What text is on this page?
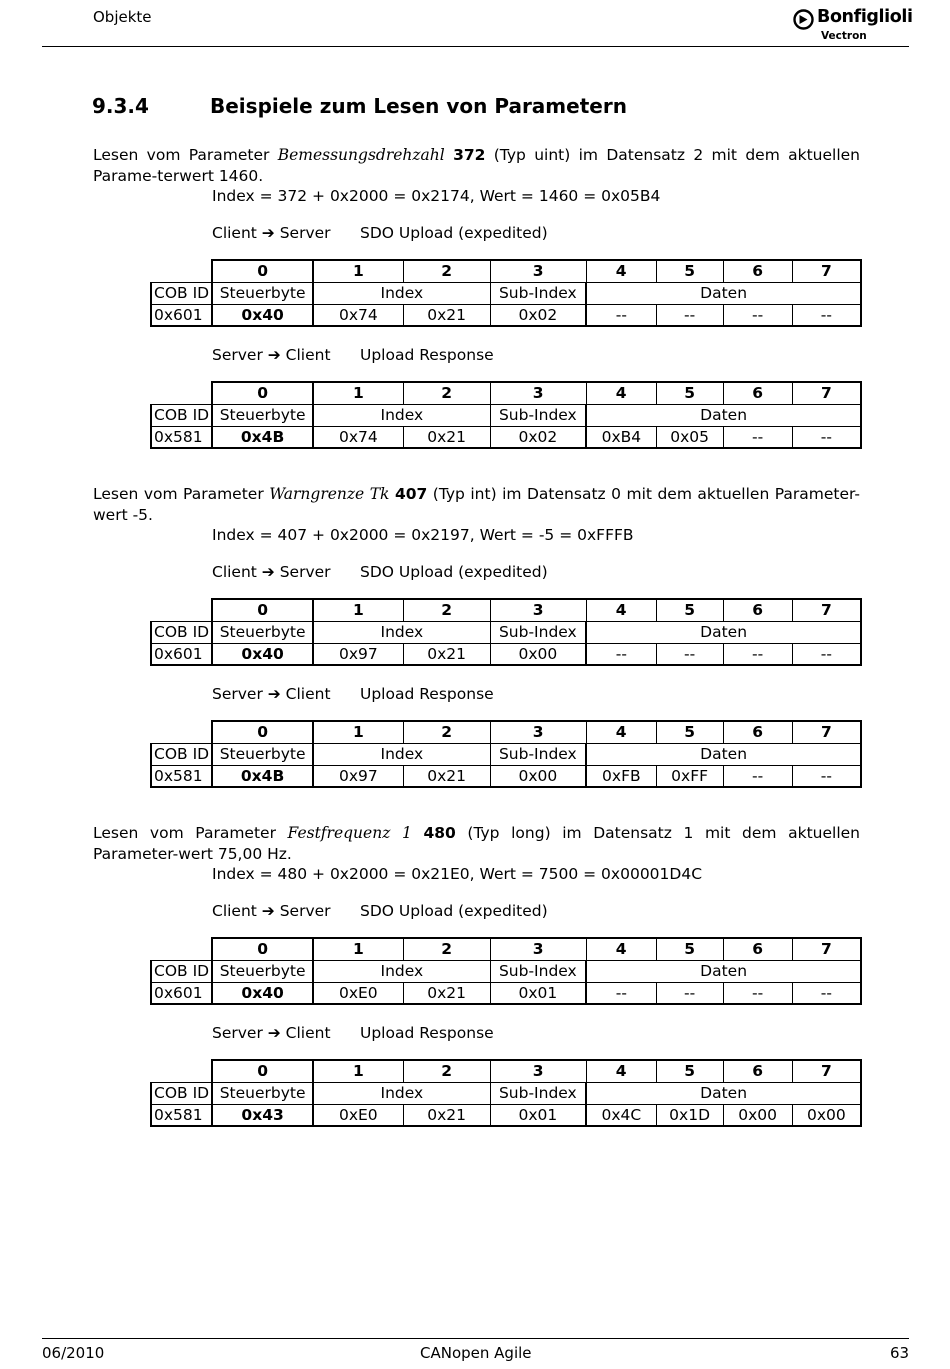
Objekte	Bonfiglioli
Vectron
9.3.4	Beispiele zum Lesen von Parametern
Lesen vom Parameter Bemessungsdrehzahl 372 (Typ uint) im Datensatz 2 mit dem aktuellen Parame-terwert 1460.
Index = 372 + 0x2000 = 0x2174, Wert = 1460 = 0x05B4
Client ➔ Server SDO Upload (expedited)
	0	1	2	3	4	5	6	7
COB ID	Steuerbyte	Index		Sub-Index	Daten			
0x601	0x40	0x74	0x21	0x02	--	--	--	--
Server ➔ Client Upload Response
	0	1	2	3	4	5	6	7
COB ID	Steuerbyte	Index		Sub-Index	Daten			
0x581	0x4B	0x74	0x21	0x02	0xB4	0x05	--	--
Lesen vom Parameter Warngrenze Tk 407 (Typ int) im Datensatz 0 mit dem aktuellen Parameter-wert -5.
Index = 407 + 0x2000 = 0x2197, Wert = -5 = 0xFFFB
Client ➔ Server SDO Upload (expedited)
	0	1	2	3	4	5	6	7
COB ID	Steuerbyte	Index		Sub-Index	Daten			
0x601	0x40	0x97	0x21	0x00	--	--	--	--
Server ➔ Client Upload Response
	0	1	2	3	4	5	6	7
COB ID	Steuerbyte	Index		Sub-Index	Daten			
0x581	0x4B	0x97	0x21	0x00	0xFB	0xFF	--	--
Lesen vom Parameter Festfrequenz 1 480 (Typ long) im Datensatz 1 mit dem aktuellen Parameter-wert 75,00 Hz.
Index = 480 + 0x2000 = 0x21E0, Wert = 7500 = 0x00001D4C
Client ➔ Server SDO Upload (expedited)
	0	1	2	3	4	5	6	7
COB ID	Steuerbyte	Index		Sub-Index	Daten			
0x601	0x40	0xE0	0x21	0x01	--	--	--	--
Server ➔ Client Upload Response
	0	1	2	3	4	5	6	7
COB ID	Steuerbyte	Index		Sub-Index	Daten			
0x581	0x43	0xE0	0x21	0x01	0x4C	0x1D	0x00	0x00
06/2010	CANopen Agile	63
